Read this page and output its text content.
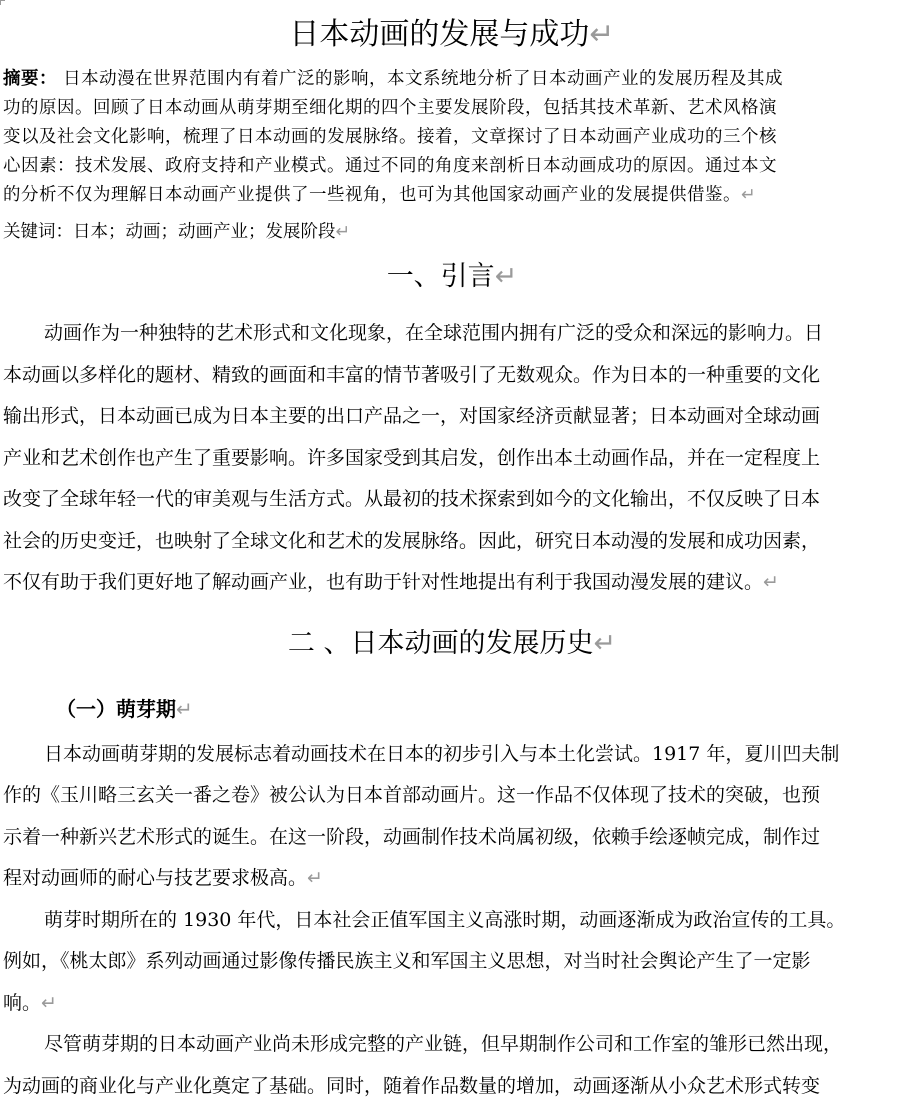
日本动画的发展与成功↵
摘要： 日本动漫在世界范围内有着广泛的影响，本文系统地分析了日本动画产业的发展历程及其成
功的原因。回顾了日本动画从萌芽期至细化期的四个主要发展阶段，包括其技术革新、艺术风格演
变以及社会文化影响，梳理了日本动画的发展脉络。接着，文章探讨了日本动画产业成功的三个核
心因素：技术发展、政府支持和产业模式。通过不同的角度来剖析日本动画成功的原因。通过本文
的分析不仅为理解日本动画产业提供了一些视角，也可为其他国家动画产业的发展提供借鉴。↵
关键词：日本；动画；动画产业；发展阶段↵
一、引言↵
动画作为一种独特的艺术形式和文化现象，在全球范围内拥有广泛的受众和深远的影响力。日
本动画以多样化的题材、精致的画面和丰富的情节著吸引了无数观众。作为日本的一种重要的文化
输出形式，日本动画已成为日本主要的出口产品之一，对国家经济贡献显著；日本动画对全球动画
产业和艺术创作也产生了重要影响。许多国家受到其启发，创作出本土动画作品，并在一定程度上
改变了全球年轻一代的审美观与生活方式。从最初的技术探索到如今的文化输出，不仅反映了日本
社会的历史变迁，也映射了全球文化和艺术的发展脉络。因此，研究日本动漫的发展和成功因素，
不仅有助于我们更好地了解动画产业，也有助于针对性地提出有利于我国动漫发展的建议。↵
二 、日本动画的发展历史↵
（一）萌芽期↵
日本动画萌芽期的发展标志着动画技术在日本的初步引入与本土化尝试。1917 年，夏川凹夫制
作的《玉川略三玄关一番之卷》被公认为日本首部动画片。这一作品不仅体现了技术的突破，也预
示着一种新兴艺术形式的诞生。在这一阶段，动画制作技术尚属初级，依赖手绘逐帧完成，制作过
程对动画师的耐心与技艺要求极高。↵
萌芽时期所在的 1930 年代，日本社会正值军国主义高涨时期，动画逐渐成为政治宣传的工具。
例如，《桃太郎》系列动画通过影像传播民族主义和军国主义思想，对当时社会舆论产生了一定影
响。↵
尽管萌芽期的日本动画产业尚未形成完整的产业链，但早期制作公司和工作室的雏形已然出现，
为动画的商业化与产业化奠定了基础。同时，随着作品数量的增加，动画逐渐从小众艺术形式转变
